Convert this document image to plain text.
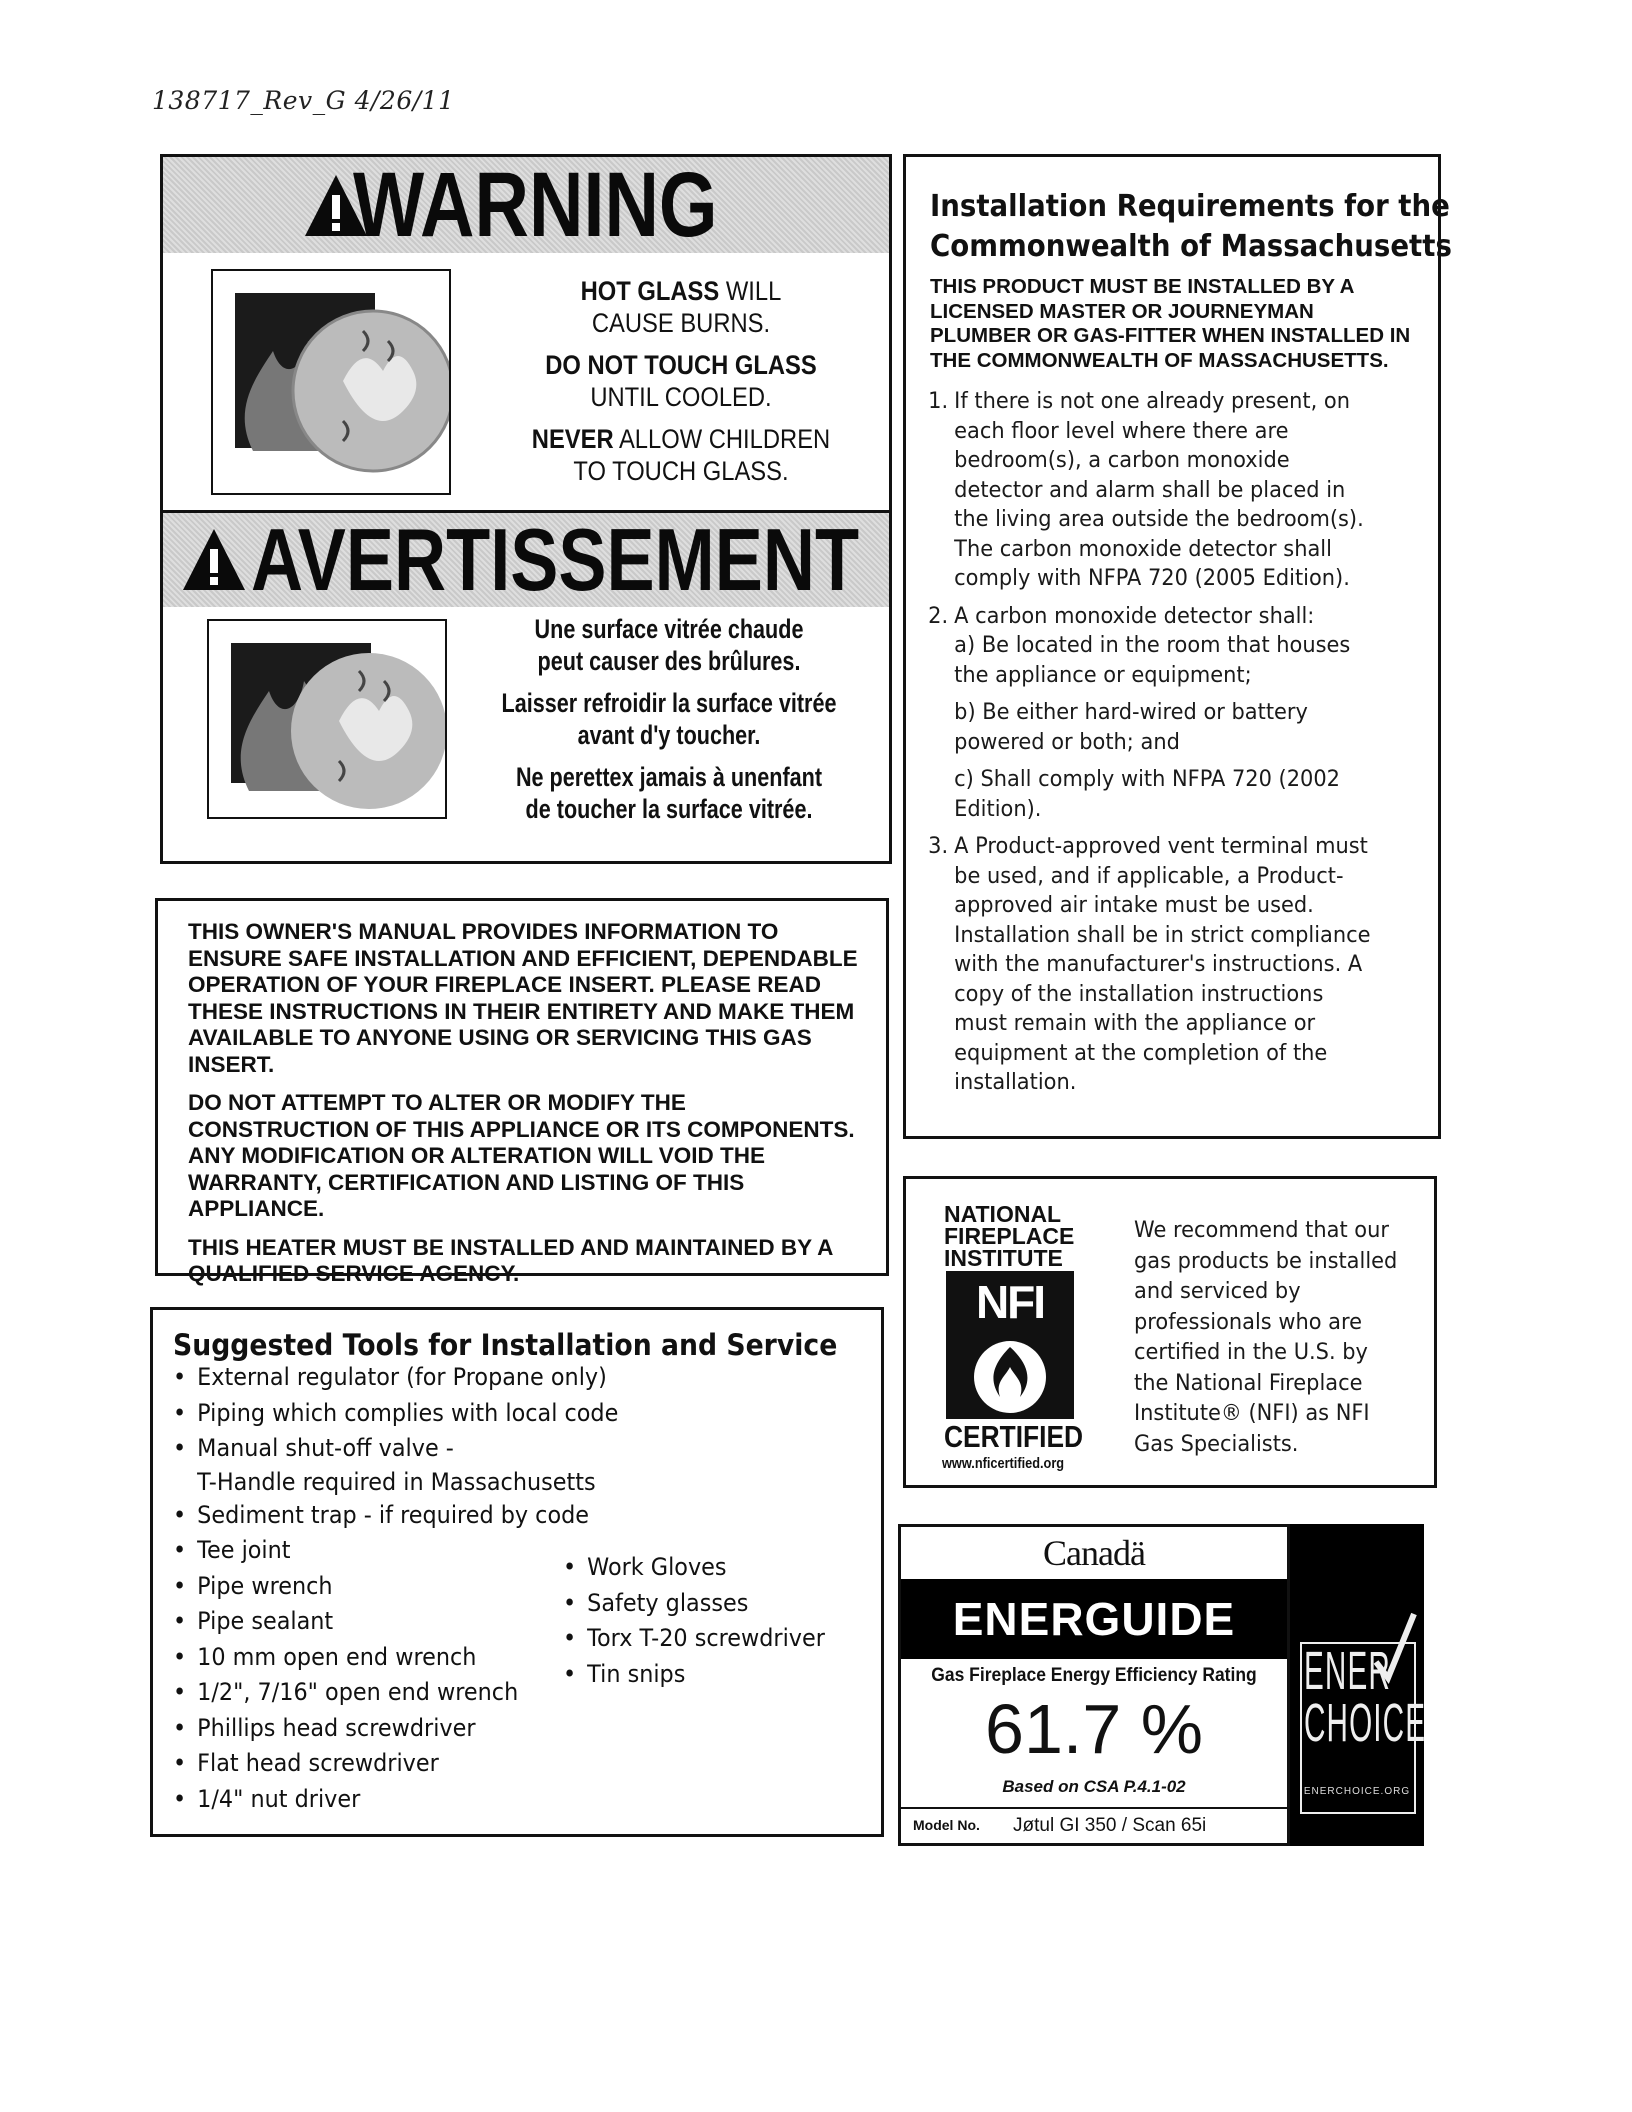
138717_Rev_G 4/26/11
WARNING

HOT GLASS WILL
CAUSE BURNS.

DO NOT TOUCH GLASS
UNTIL COOLED.

NEVER ALLOW CHILDREN
TO TOUCH GLASS.

AVERTISSEMENT

Une surface vitrée chaude
peut causer des brûlures.

Laisser refroidir la surface vitrée
avant d'y toucher.

Ne perettex jamais à unenfant
de toucher la surface vitrée.

THIS OWNER'S MANUAL PROVIDES INFORMATION TO ENSURE SAFE INSTALLATION AND EFFICIENT, DEPENDABLE OPERATION OF YOUR FIREPLACE INSERT. PLEASE READ THESE INSTRUCTIONS IN THEIR ENTIRETY AND MAKE THEM AVAILABLE TO ANYONE USING OR SERVICING THIS GAS INSERT.

DO NOT ATTEMPT TO ALTER OR MODIFY THE CONSTRUCTION OF THIS APPLIANCE OR ITS COMPONENTS. ANY MODIFICATION OR ALTERATION WILL VOID THE WARRANTY, CERTIFICATION AND LISTING OF THIS APPLIANCE.

THIS HEATER MUST BE INSTALLED AND MAINTAINED BY A QUALIFIED SERVICE AGENCY.

Suggested Tools for Installation and Service
• External regulator (for Propane only)
• Piping which complies with local code
• Manual shut-off valve -
T-Handle required in Massachusetts
• Sediment trap - if required by code
• Tee joint
• Pipe wrench
• Pipe sealant
• 10 mm open end wrench
• 1/2", 7/16" open end wrench
• Phillips head screwdriver
• Flat head screwdriver
• 1/4" nut driver
• Work Gloves
• Safety glasses
• Torx T-20 screwdriver
• Tin snips
Installation Requirements for the
Commonwealth of Massachusetts
THIS PRODUCT MUST BE INSTALLED BY A LICENSED MASTER OR JOURNEYMAN PLUMBER OR GAS-FITTER WHEN INSTALLED IN THE COMMONWEALTH OF MASSACHUSETTS.
1. If there is not one already present, on each floor level where there are bedroom(s), a carbon monoxide detector and alarm shall be placed in the living area outside the bedroom(s). The carbon monoxide detector shall comply with NFPA 720 (2005 Edition).
2. A carbon monoxide detector shall:
a) Be located in the room that houses the appliance or equipment;
b) Be either hard-wired or battery powered or both; and
c) Shall comply with NFPA 720 (2002 Edition).
3. A Product-approved vent terminal must be used, and if applicable, a Product-approved air intake must be used. Installation shall be in strict compliance with the manufacturer's instructions. A copy of the installation instructions must remain with the appliance or equipment at the completion of the installation.
NATIONAL
FIREPLACE
INSTITUTE
NFI
CERTIFIED
www.nficertified.org
We recommend that our gas products be installed and serviced by professionals who are certified in the U.S. by the National Fireplace Institute® (NFI) as NFI Gas Specialists.
Canadä
ENERGUIDE
Gas Fireplace Energy Efficiency Rating
61.7 %
Based on CSA P.4.1-02
Model No. Jøtul GI 350 / Scan 65i
ENER
CHOICE
ENERCHOICE.ORG
